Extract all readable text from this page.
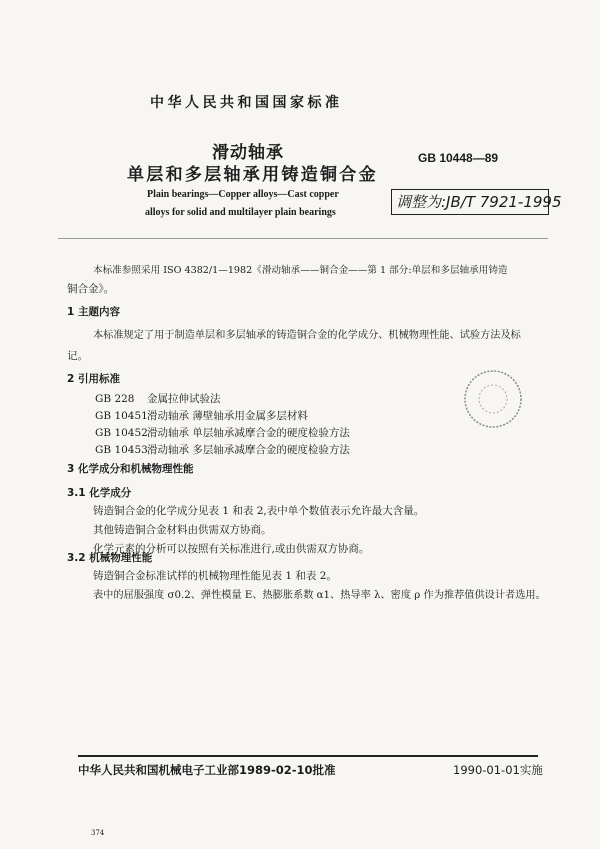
中华人民共和国国家标准
滑动轴承
单层和多层轴承用铸造铜合金
GB 10448—89
Plain bearings—Copper alloys—Cast copper
alloys for solid and multilayer plain bearings
调整为:JB/T 7921-1995
本标准参照采用 ISO 4382/1—1982《滑动轴承——铜合金——第 1 部分:单层和多层轴承用铸造
铜合金》。
1 主题内容
本标准规定了用于制造单层和多层轴承的铸造铜合金的化学成分、机械物理性能、试验方法及标
记。
2 引用标准
GB 228 金属拉伸试验法
GB 10451滑动轴承 薄壁轴承用金属多层材料
GB 10452滑动轴承 单层轴承减摩合金的硬度检验方法
GB 10453滑动轴承 多层轴承减摩合金的硬度检验方法
3 化学成分和机械物理性能
3.1 化学成分
铸造铜合金的化学成分见表 1 和表 2,表中单个数值表示允许最大含量。
其他铸造铜合金材料由供需双方协商。
化学元素的分析可以按照有关标准进行,或由供需双方协商。
3.2 机械物理性能
铸造铜合金标准试样的机械物理性能见表 1 和表 2。
表中的屈服强度 σ0.2、弹性模量 E、热膨胀系数 α1、热导率 λ、密度 ρ 作为推荐值供设计者选用。
中华人民共和国机械电子工业部1989-02-10批准	1990-01-01实施
374
